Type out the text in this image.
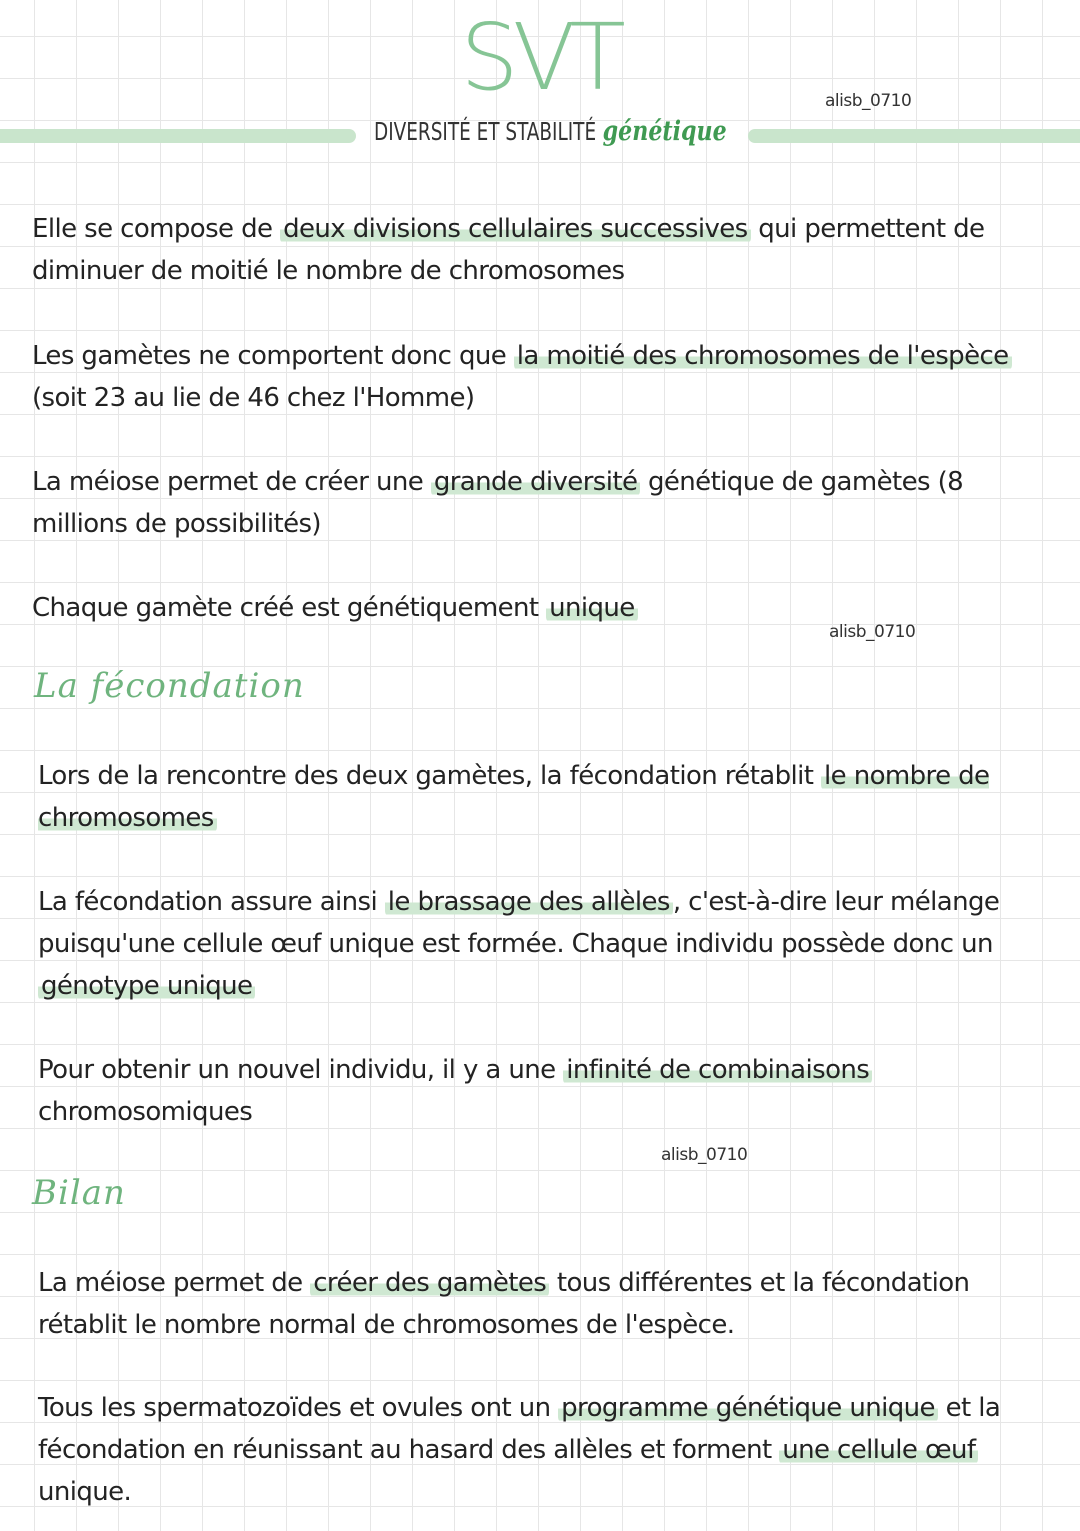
SVT
DIVERSITÉ ET STABILITÉ génétique
alisb_0710
alisb_0710
alisb_0710

Elle se compose de deux divisions cellulaires successives qui permettent de diminuer de moitié le nombre de chromosomes

Les gamètes ne comportent donc que la moitié des chromosomes de l'espèce (soit 23 au lie de 46 chez l'Homme)

La méiose permet de créer une grande diversité génétique de gamètes (8 millions de possibilités)

Chaque gamète créé est génétiquement unique

La fécondation

Lors de la rencontre des deux gamètes, la fécondation rétablit le nombre de chromosomes

La fécondation assure ainsi le brassage des allèles , c'est-à-dire leur mélange puisqu'une cellule œuf unique est formée. Chaque individu possède donc un génotype unique

Pour obtenir un nouvel individu, il y a une infinité de combinaisons chromosomiques

Bilan

La méiose permet de créer des gamètes tous différentes et la fécondation rétablit le nombre normal de chromosomes de l'espèce.

Tous les spermatozoïdes et ovules ont un programme génétique unique et la fécondation en réunissant au hasard des allèles et forment une cellule œuf unique.
